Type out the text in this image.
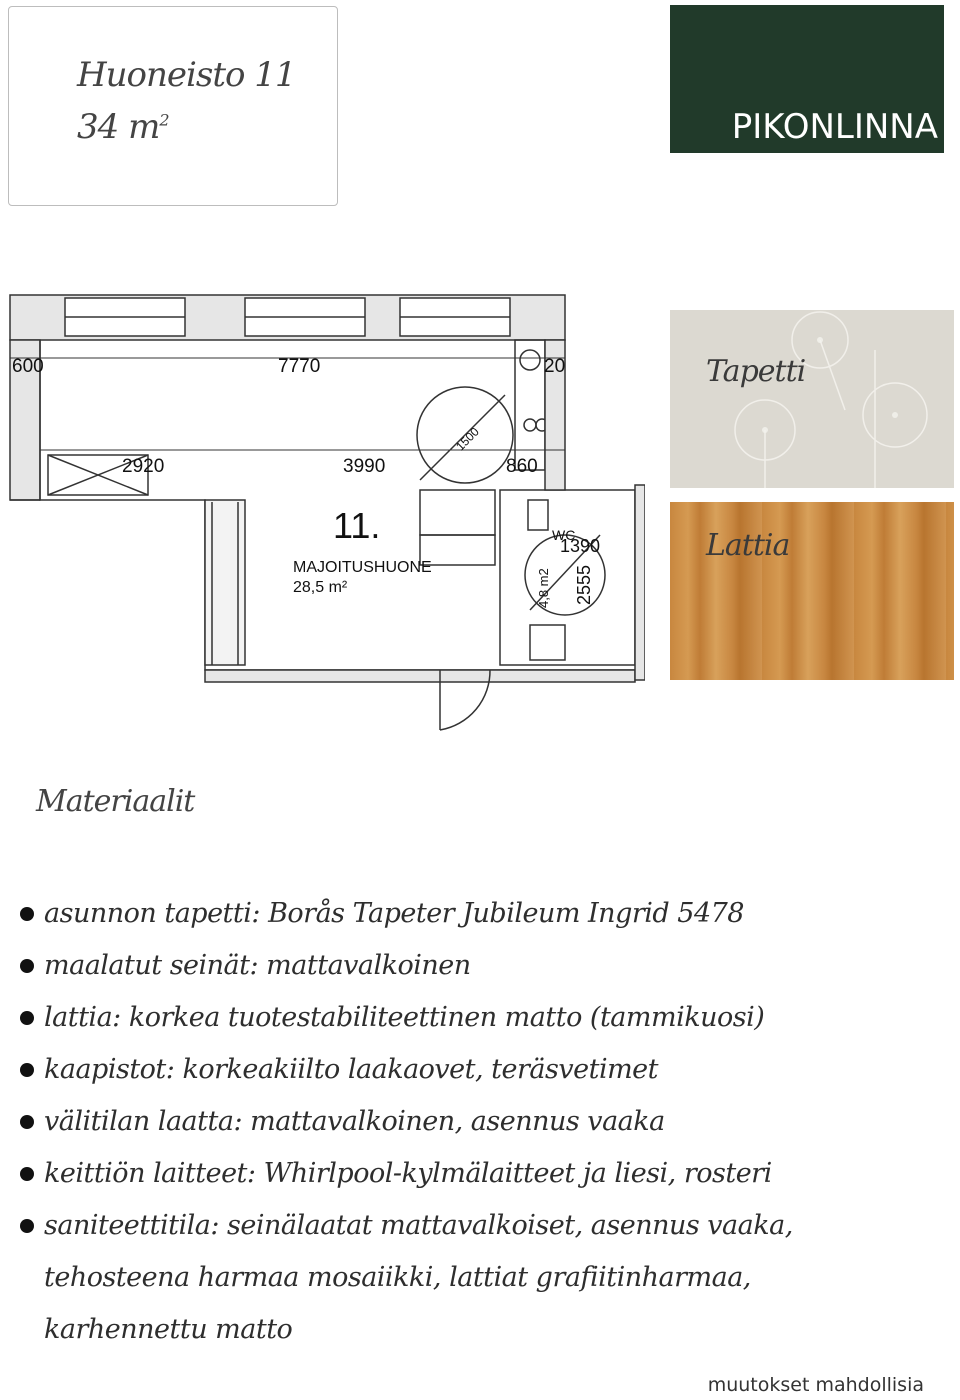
Huoneisto 11
34 $m^2$	PIKONLINNA
600	7770	20
2920	3990	860
1500
11.
MAJOITUSHUONE
28,5 m²	4,8 m2
WC
1390
2555
Tapetti
Lattia
Materiaalit
asunnon tapetti: Borås Tapeter Jubileum Ingrid 5478
maalatut seinät: mattavalkoinen
lattia: korkea tuotestabiliteettinen matto (tammikuosi)
kaapistot: korkeakiilto laakaovet, teräsvetimet
välitilan laatta: mattavalkoinen, asennus vaaka
keittiön laitteet: Whirlpool-kylmälaitteet ja liesi, rosteri
saniteettitila: seinälaatat mattavalkoiset, asennus vaaka,
tehosteena harmaa mosaiikki, lattiat grafiitinharmaa,
karhennettu matto
muutokset mahdollisia
